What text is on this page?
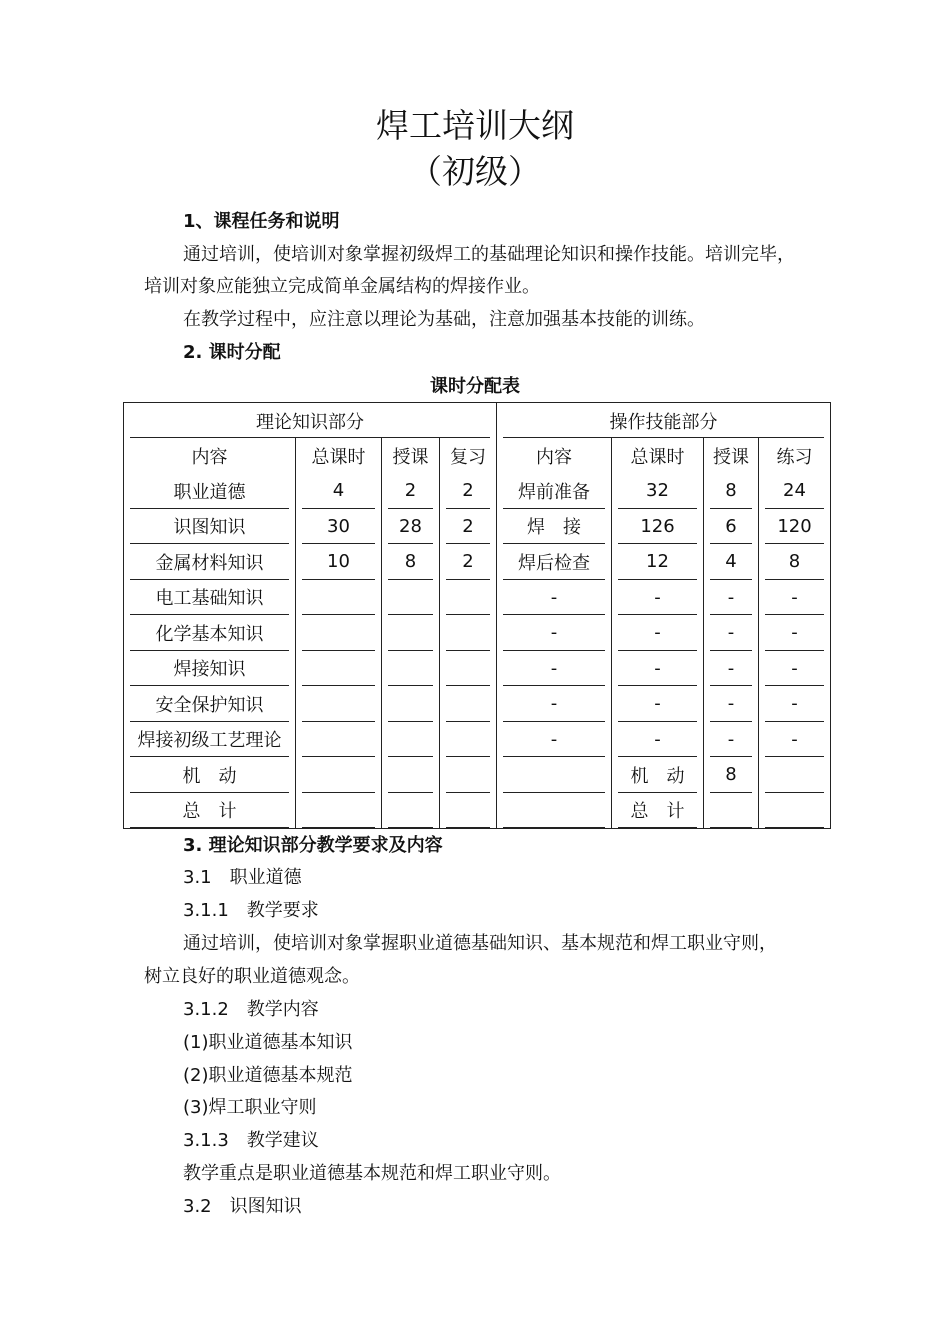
焊工培训大纲
（初级）
1、课程任务和说明
通过培训，使培训对象掌握初级焊工的基础理论知识和操作技能。培训完毕，
培训对象应能独立完成简单金属结构的焊接作业。
在教学过程中，应注意以理论为基础，注意加强基本技能的训练。
2. 课时分配
课时分配表
理论知识部分				操作技能部分			

内容	总课时	授课	复习	内容	总课时	授课	练习
职业道德	4	2	2	焊前准备	32	8	24

识图知识	30	28	2	焊　接	126	6	120

金属材料知识	10	8	2	焊后检查	12	4	8

电工基础知识				-	-	-	-

化学基本知识				-	-	-	-

焊接知识				-	-	-	-

安全保护知识				-	-	-	-

焊接初级工艺理论				-	-	-	-

机　动					机　动	8

总　计					总　计

3. 理论知识部分教学要求及内容
3.1　职业道德
3.1.1　教学要求
通过培训，使培训对象掌握职业道德基础知识、基本规范和焊工职业守则，
树立良好的职业道德观念。
3.1.2　教学内容
(1)职业道德基本知识
(2)职业道德基本规范
(3)焊工职业守则
3.1.3　教学建议
教学重点是职业道德基本规范和焊工职业守则。
3.2　识图知识
